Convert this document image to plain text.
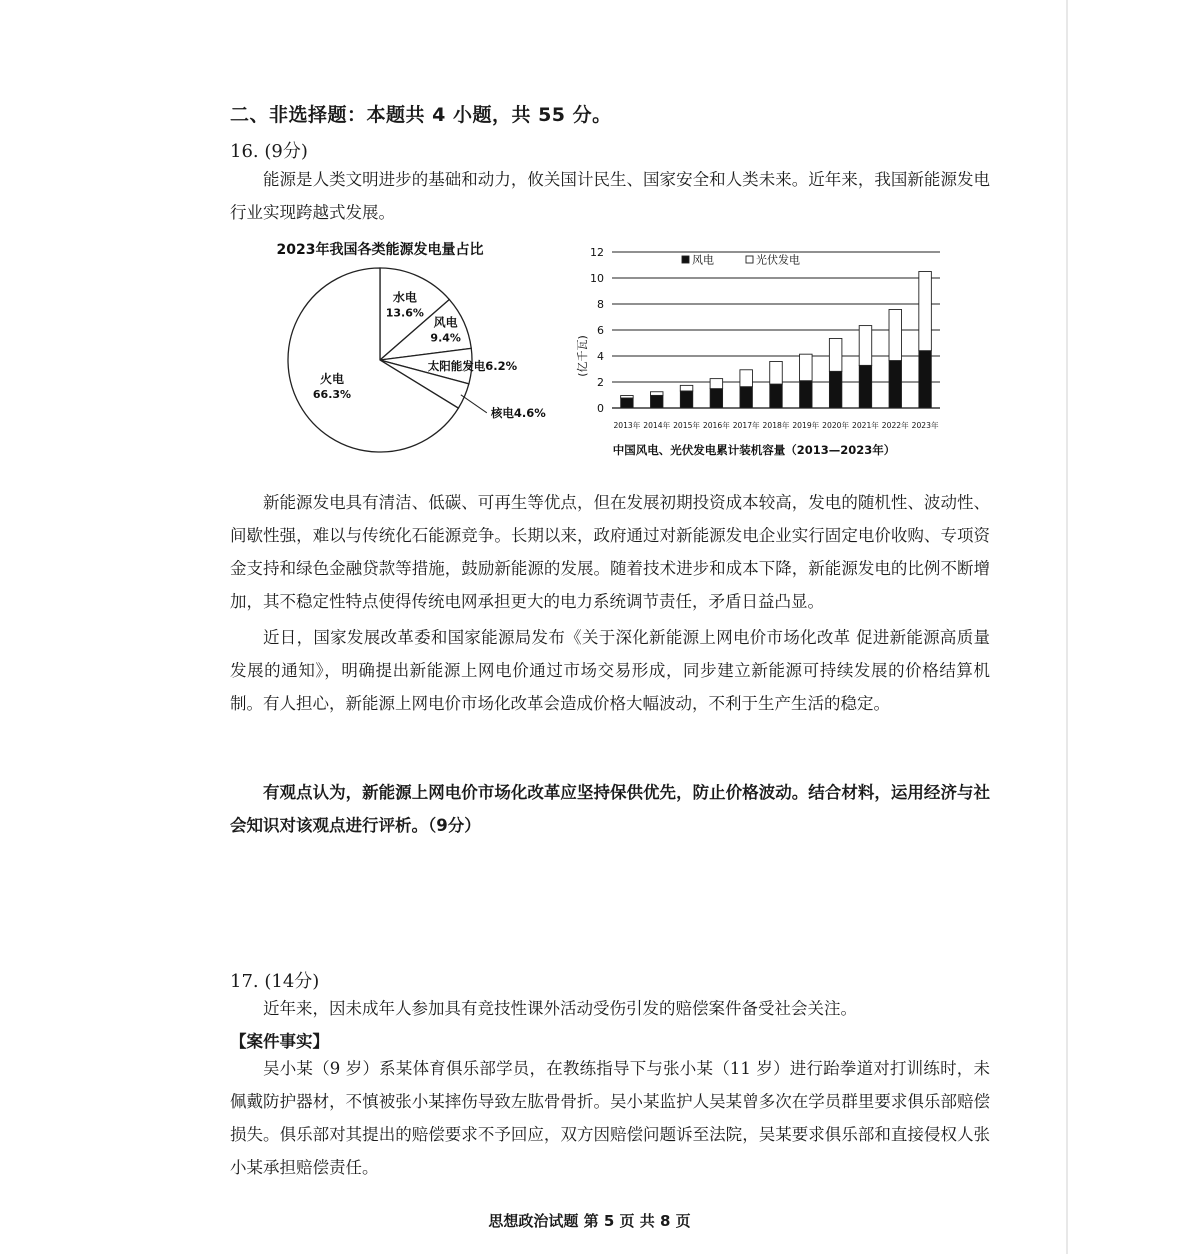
二、非选择题：本题共 4 小题，共 55 分。
16. (9分)

能源是人类文明进步的基础和动力，攸关国计民生、国家安全和人类未来。近年来，我国新能源发电行业实现跨越式发展。

2023年我国各类能源发电量占比
火电
66.3%
水电
13.6%
风电
9.4%
太阳能发电6.2%
核电4.6%	0
2
4
6
8
10
12
2013年 2014年 2015年 2016年 2017年 2018年 2019年 2020年 2021年 2022年 2023年
风电	光伏发电
(亿千瓦)
中国风电、光伏发电累计装机容量（2013—2023年）

新能源发电具有清洁、低碳、可再生等优点，但在发展初期投资成本较高，发电的随机性、波动性、间歇性强，难以与传统化石能源竞争。长期以来，政府通过对新能源发电企业实行固定电价收购、专项资金支持和绿色金融贷款等措施，鼓励新能源的发展。随着技术进步和成本下降，新能源发电的比例不断增加，其不稳定性特点使得传统电网承担更大的电力系统调节责任，矛盾日益凸显。

近日，国家发展改革委和国家能源局发布《关于深化新能源上网电价市场化改革 促进新能源高质量发展的通知》，明确提出新能源上网电价通过市场交易形成，同步建立新能源可持续发展的价格结算机制。有人担心，新能源上网电价市场化改革会造成价格大幅波动，不利于生产生活的稳定。

有观点认为，新能源上网电价市场化改革应坚持保供优先，防止价格波动。结合材料，运用经济与社会知识对该观点进行评析。（9分）

17. (14分)

近年来，因未成年人参加具有竞技性课外活动受伤引发的赔偿案件备受社会关注。

【案件事实】

吴小某（9 岁）系某体育俱乐部学员，在教练指导下与张小某（11 岁）进行跆拳道对打训练时，未佩戴防护器材，不慎被张小某摔伤导致左肱骨骨折。吴小某监护人吴某曾多次在学员群里要求俱乐部赔偿损失。俱乐部对其提出的赔偿要求不予回应，双方因赔偿问题诉至法院，吴某要求俱乐部和直接侵权人张小某承担赔偿责任。

思想政治试题 第 5 页 共 8 页
